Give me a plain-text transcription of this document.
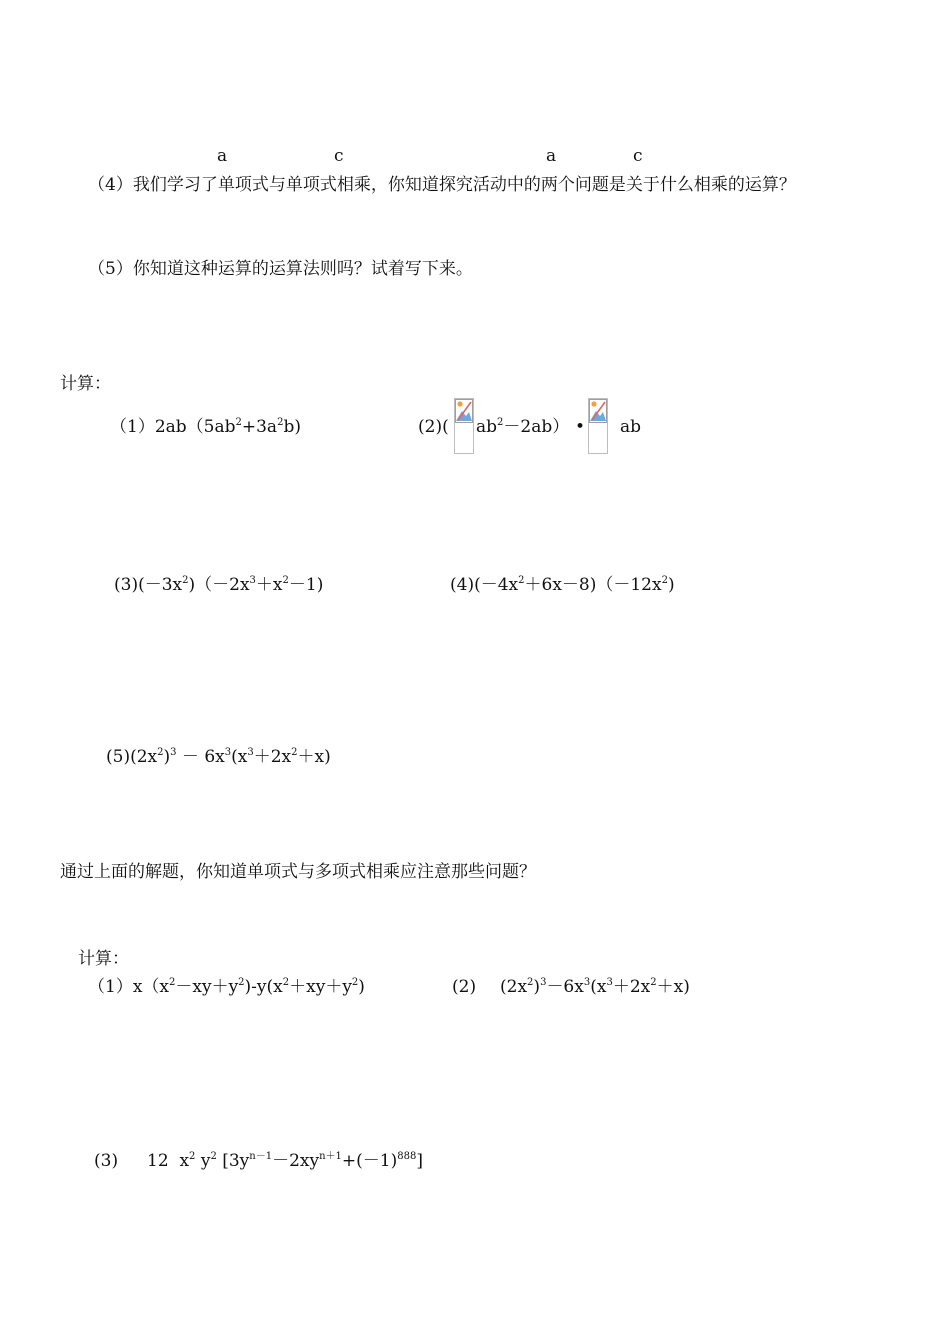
a	c	a	c
（4）我们学习了单项式与单项式相乘，你知道探究活动中的两个问题是关于什么相乘的运算？
（5）你知道这种运算的运算法则吗？试着写下来。
计算：
$(1)2ab(5ab^2+3a^2b)$	(2)( $ab^2-2ab$） • ab
$(3)(-3x^2)(-2x^3+x^2-1)$	$(4)(-4x^2+6x-8)(-12x^2)$
$(5)(2x^2)^3 - 6x^3(x^3+2x^2+x)$
通过上面的解题，你知道单项式与多项式相乘应注意那些问题？
计算：
$(1)x(x^2-xy+y^2)-y(x^2+xy+y^2)$	(2) $(2x^2)^3-6x^3(x^3+2x^2+x)$
(3) 12 $x^2$ $y^2$ $[3y^{n-1}-2xy^{n+1}+(-1)^{888}]$
